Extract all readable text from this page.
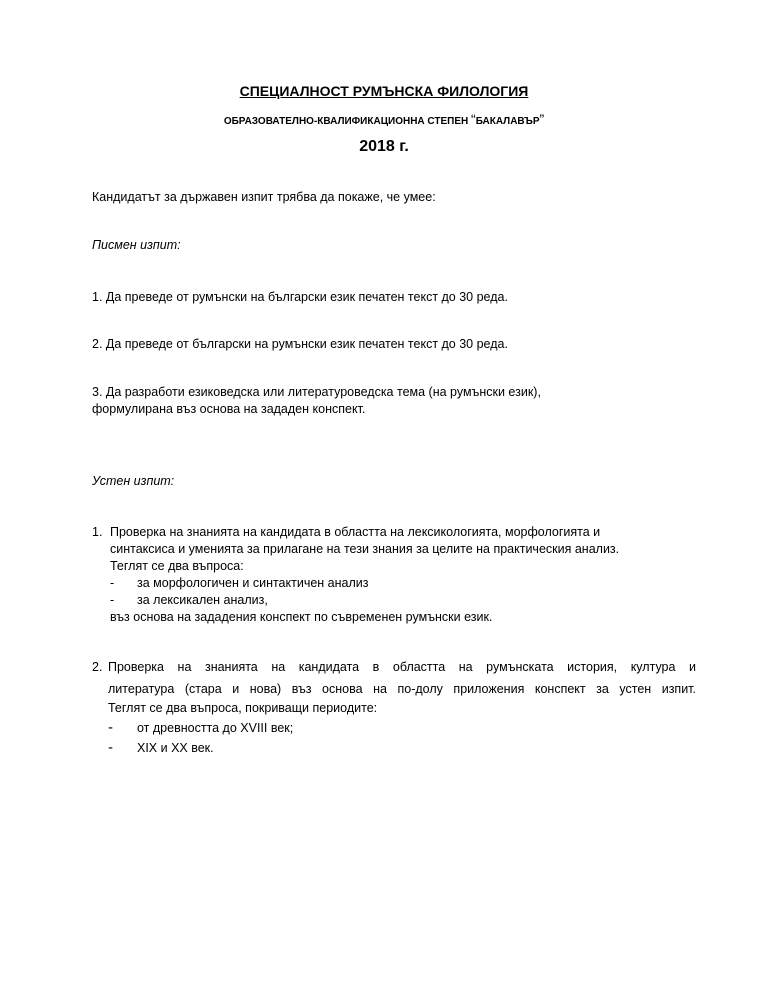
СПЕЦИАЛНОСТ РУМЪНСКА ФИЛОЛОГИЯ
ОБРАЗОВАТЕЛНО-КВАЛИФИКАЦИОННА СТЕПЕН “БАКАЛАВЪР”
2018 г.

Кандидатът за държавен изпит трябва да покаже, че умее:

Писмен изпит:

1. Да преведе от румънски на български език печатен текст до 30 реда.

2. Да преведе от български на румънски език печатен текст до 30 реда.

3. Да разработи езиковедска или литературоведска тема (на румънски език),

формулирана въз основа на зададен конспект.

Устен изпит:

1. Проверка на знанията на кандидата в областта на лексикологията, морфологията и
синтаксиса и уменията за прилагане на тези знания за целите на практическия анализ.
Теглят се два въпроса:
- за морфологичен и синтактичен анализ
- за лексикален анализ,
въз основа на зададения конспект по съвременен румънски език.
2. Проверка на знанията на кандидата в областта на румънската история, култура и
литература (стара и нова) въз основа на по-долу приложения конспект за устен изпит.
Теглят се два въпроса, покриващи периодите:
- от древността до XVIII век;
- XIX и XX век.
